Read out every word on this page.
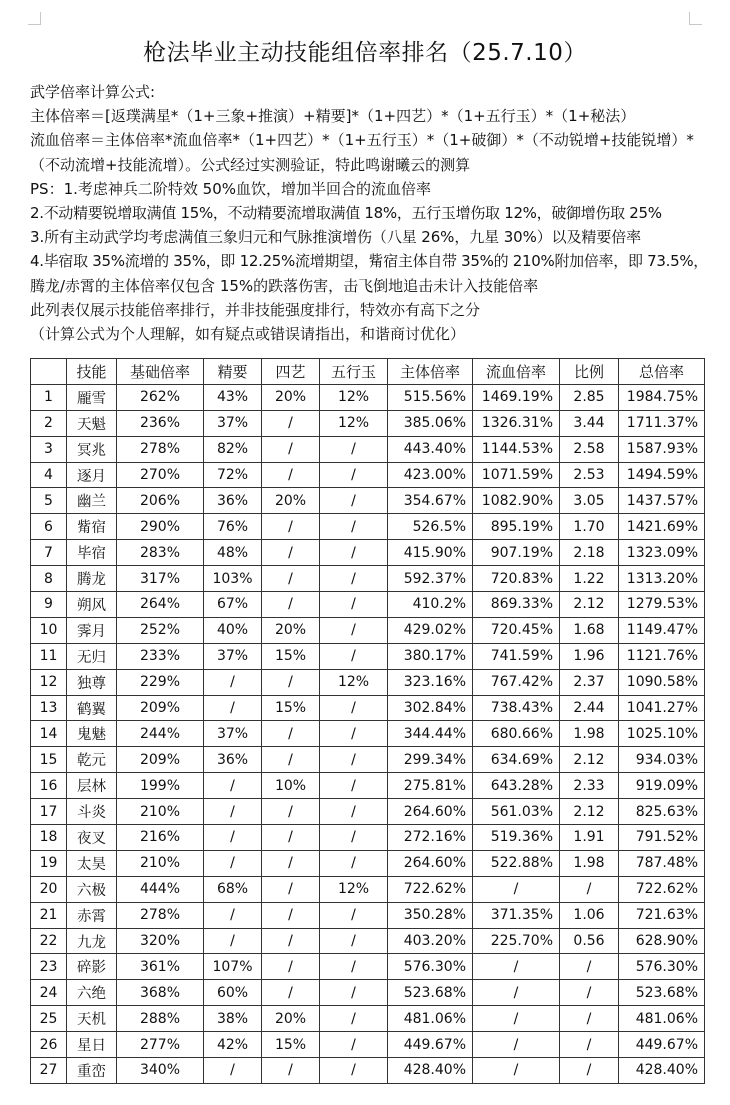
枪法毕业主动技能组倍率排名（25.7.10）
武学倍率计算公式:
主体倍率＝[返璞满星*（1+三象+推演）+精要]*（1+四艺）*（1+五行玉）*（1+秘法）
流血倍率＝主体倍率*流血倍率*（1+四艺）*（1+五行玉）*（1+破御）*（不动锐增+技能锐增）*（不动流增+技能流增）。公式经过实测验证，特此鸣谢曦云的测算
PS：1.考虑神兵二阶特效 50%血饮，增加半回合的流血倍率
2.不动精要锐增取满值 15%，不动精要流增取满值 18%，五行玉增伤取 12%，破御增伤取 25%
3.所有主动武学均考虑满值三象归元和气脉推演增伤（八星 26%，九星 30%）以及精要倍率
4.毕宿取 35%流增的 35%，即 12.25%流增期望，觜宿主体自带 35%的 210%附加倍率，即 73.5%，
腾龙/赤霄的主体倍率仅包含 15%的跌落伤害，击飞倒地追击未计入技能倍率
此列表仅展示技能倍率排行，并非技能强度排行，特效亦有高下之分
（计算公式为个人理解，如有疑点或错误请指出，和谐商讨优化）
	技能	基础倍率	精要	四艺	五行玉	主体倍率	流血倍率	比例	总倍率
1	龎雪	262%	43%	20%	12%	515.56%	1469.19%	2.85	1984.75%
2	天魁	236%	37%	/	12%	385.06%	1326.31%	3.44	1711.37%
3	冥兆	278%	82%	/	/	443.40%	1144.53%	2.58	1587.93%
4	逐月	270%	72%	/	/	423.00%	1071.59%	2.53	1494.59%
5	幽兰	206%	36%	20%	/	354.67%	1082.90%	3.05	1437.57%
6	觜宿	290%	76%	/	/	526.5%	895.19%	1.70	1421.69%
7	毕宿	283%	48%	/	/	415.90%	907.19%	2.18	1323.09%
8	腾龙	317%	103%	/	/	592.37%	720.83%	1.22	1313.20%
9	朔风	264%	67%	/	/	410.2%	869.33%	2.12	1279.53%
10	霁月	252%	40%	20%	/	429.02%	720.45%	1.68	1149.47%
11	无归	233%	37%	15%	/	380.17%	741.59%	1.96	1121.76%
12	独尊	229%	/	/	12%	323.16%	767.42%	2.37	1090.58%
13	鹤翼	209%	/	15%	/	302.84%	738.43%	2.44	1041.27%
14	鬼魅	244%	37%	/	/	344.44%	680.66%	1.98	1025.10%
15	乾元	209%	36%	/	/	299.34%	634.69%	2.12	934.03%
16	层林	199%	/	10%	/	275.81%	643.28%	2.33	919.09%
17	斗炎	210%	/	/	/	264.60%	561.03%	2.12	825.63%
18	夜叉	216%	/	/	/	272.16%	519.36%	1.91	791.52%
19	太昊	210%	/	/	/	264.60%	522.88%	1.98	787.48%
20	六极	444%	68%	/	12%	722.62%	/	/	722.62%
21	赤霄	278%	/	/	/	350.28%	371.35%	1.06	721.63%
22	九龙	320%	/	/	/	403.20%	225.70%	0.56	628.90%
23	碎影	361%	107%	/	/	576.30%	/	/	576.30%
24	六绝	368%	60%	/	/	523.68%	/	/	523.68%
25	天机	288%	38%	20%	/	481.06%	/	/	481.06%
26	星日	277%	42%	15%	/	449.67%	/	/	449.67%
27	重峦	340%	/	/	/	428.40%	/	/	428.40%
